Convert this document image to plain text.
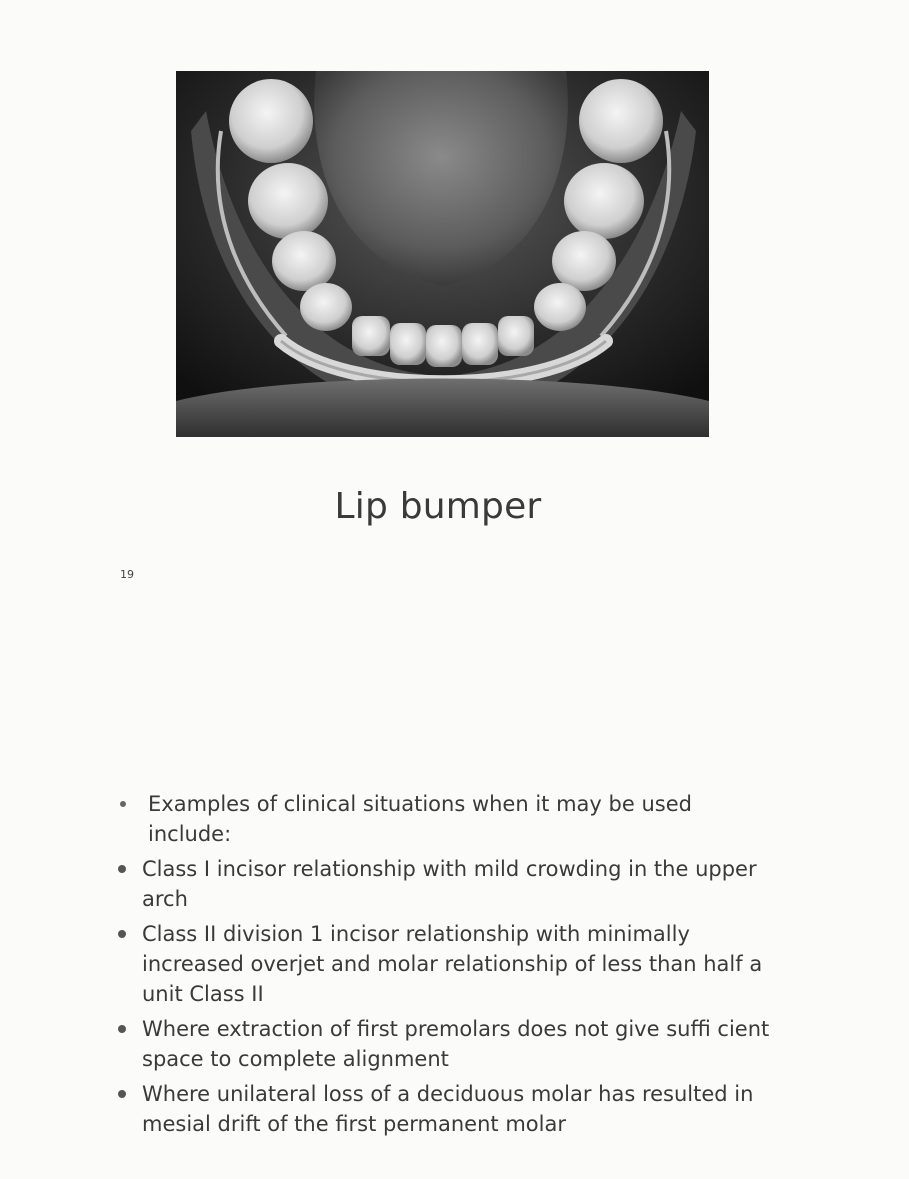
Lip bumper
19
Examples of clinical situations when it may be used include:
Class I incisor relationship with mild crowding in the upper arch
Class II division 1 incisor relationship with minimally increased overjet and molar relationship of less than half a unit Class II
Where extraction of first premolars does not give suffi cient space to complete alignment
Where unilateral loss of a deciduous molar has resulted in mesial drift of the first permanent molar
